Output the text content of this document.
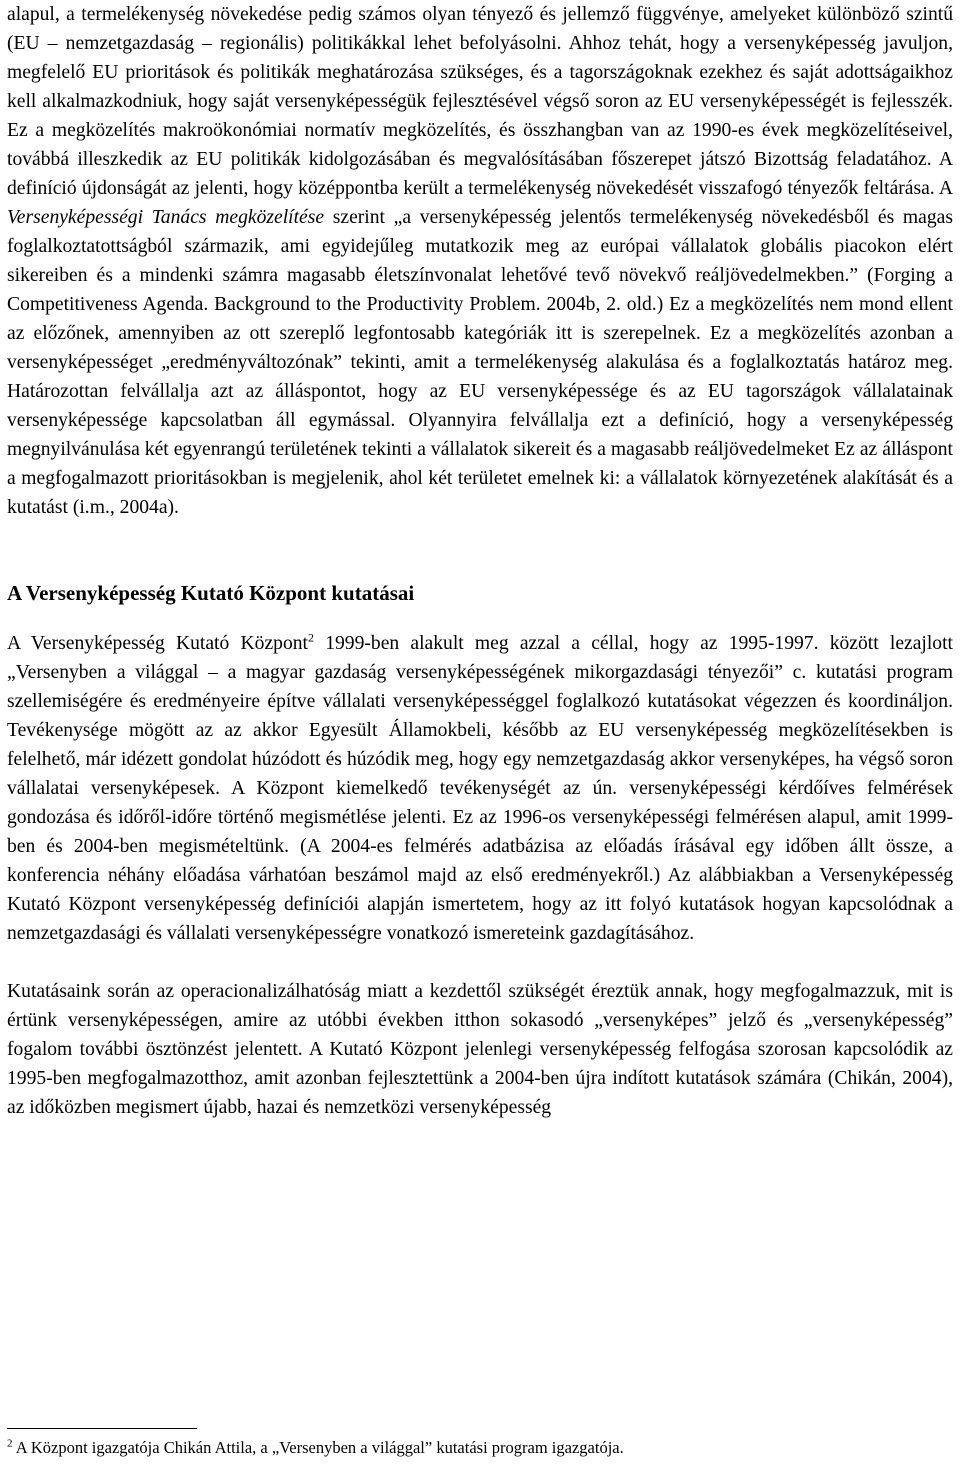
alapul, a termelékenység növekedése pedig számos olyan tényező és jellemző függvénye, amelyeket különböző szintű (EU – nemzetgazdaság – regionális) politikákkal lehet befolyásolni. Ahhoz tehát, hogy a versenyképesség javuljon, megfelelő EU prioritások és politikák meghatározása szükséges, és a tagországoknak ezekhez és saját adottságaikhoz kell alkalmazkodniuk, hogy saját versenyképességük fejlesztésével végső soron az EU versenyképességét is fejlesszék. Ez a megközelítés makroökonómiai normatív megközelítés, és összhangban van az 1990-es évek megközelítéseivel, továbbá illeszkedik az EU politikák kidolgozásában és megvalósításában főszerepet játszó Bizottság feladatához. A definíció újdonságát az jelenti, hogy középpontba került a termelékenység növekedését visszafogó tényezők feltárása. A Versenyképességi Tanács megközelítése szerint „a versenyképesség jelentős termelékenység növekedésből és magas foglalkoztatottságból származik, ami egyidejűleg mutatkozik meg az európai vállalatok globális piacokon elért sikereiben és a mindenki számra magasabb életszínvonalat lehetővé tevő növekvő reáljövedelmekben.” (Forging a Competitiveness Agenda. Background to the Productivity Problem. 2004b, 2. old.) Ez a megközelítés nem mond ellent az előzőnek, amennyiben az ott szereplő legfontosabb kategóriák itt is szerepelnek. Ez a megközelítés azonban a versenyképességet „eredményváltozónak” tekinti, amit a termelékenység alakulása és a foglalkoztatás határoz meg. Határozottan felvállalja azt az álláspontot, hogy az EU versenyképessége és az EU tagországok vállalatainak versenyképessége kapcsolatban áll egymással. Olyannyira felvállalja ezt a definíció, hogy a versenyképesség megnyilvánulása két egyenrangú területének tekinti a vállalatok sikereit és a magasabb reáljövedelmeket Ez az álláspont a megfogalmazott prioritásokban is megjelenik, ahol két területet emelnek ki: a vállalatok környezetének alakítását és a kutatást (i.m., 2004a).

A Versenyképesség Kutató Központ kutatásai

A Versenyképesség Kutató Központ$^2$ 1999-ben alakult meg azzal a céllal, hogy az 1995-1997. között lezajlott „Versenyben a világgal – a magyar gazdaság versenyképességének mikorgazdasági tényezői” c. kutatási program szellemiségére és eredményeire építve vállalati versenyképességgel foglalkozó kutatásokat végezzen és koordináljon. Tevékenysége mögött az az akkor Egyesült Államokbeli, később az EU versenyképesség megközelítésekben is felelhető, már idézett gondolat húzódott és húzódik meg, hogy egy nemzetgazdaság akkor versenyképes, ha végső soron vállalatai versenyképesek. A Központ kiemelkedő tevékenységét az ún. versenyképességi kérdőíves felmérések gondozása és időről-időre történő megismétlése jelenti. Ez az 1996-os versenyképességi felmérésen alapul, amit 1999-ben és 2004-ben megismételtünk. (A 2004-es felmérés adatbázisa az előadás írásával egy időben állt össze, a konferencia néhány előadása várhatóan beszámol majd az első eredményekről.) Az alábbiakban a Versenyképesség Kutató Központ versenyképesség definíciói alapján ismertetem, hogy az itt folyó kutatások hogyan kapcsolódnak a nemzetgazdasági és vállalati versenyképességre vonatkozó ismereteink gazdagításához.

Kutatásaink során az operacionalizálhatóság miatt a kezdettől szükségét éreztük annak, hogy megfogalmazzuk, mit is értünk versenyképességen, amire az utóbbi években itthon sokasodó „versenyképes” jelző és „versenyképesség” fogalom további ösztönzést jelentett. A Kutató Központ jelenlegi versenyképesség felfogása szorosan kapcsolódik az 1995-ben megfogalmazotthoz, amit azonban fejlesztettünk a 2004-ben újra indított kutatások számára (Chikán, 2004), az időközben megismert újabb, hazai és nemzetközi versenyképesség

$^2$ A Központ igazgatója Chikán Attila, a „Versenyben a világgal” kutatási program igazgatója.
